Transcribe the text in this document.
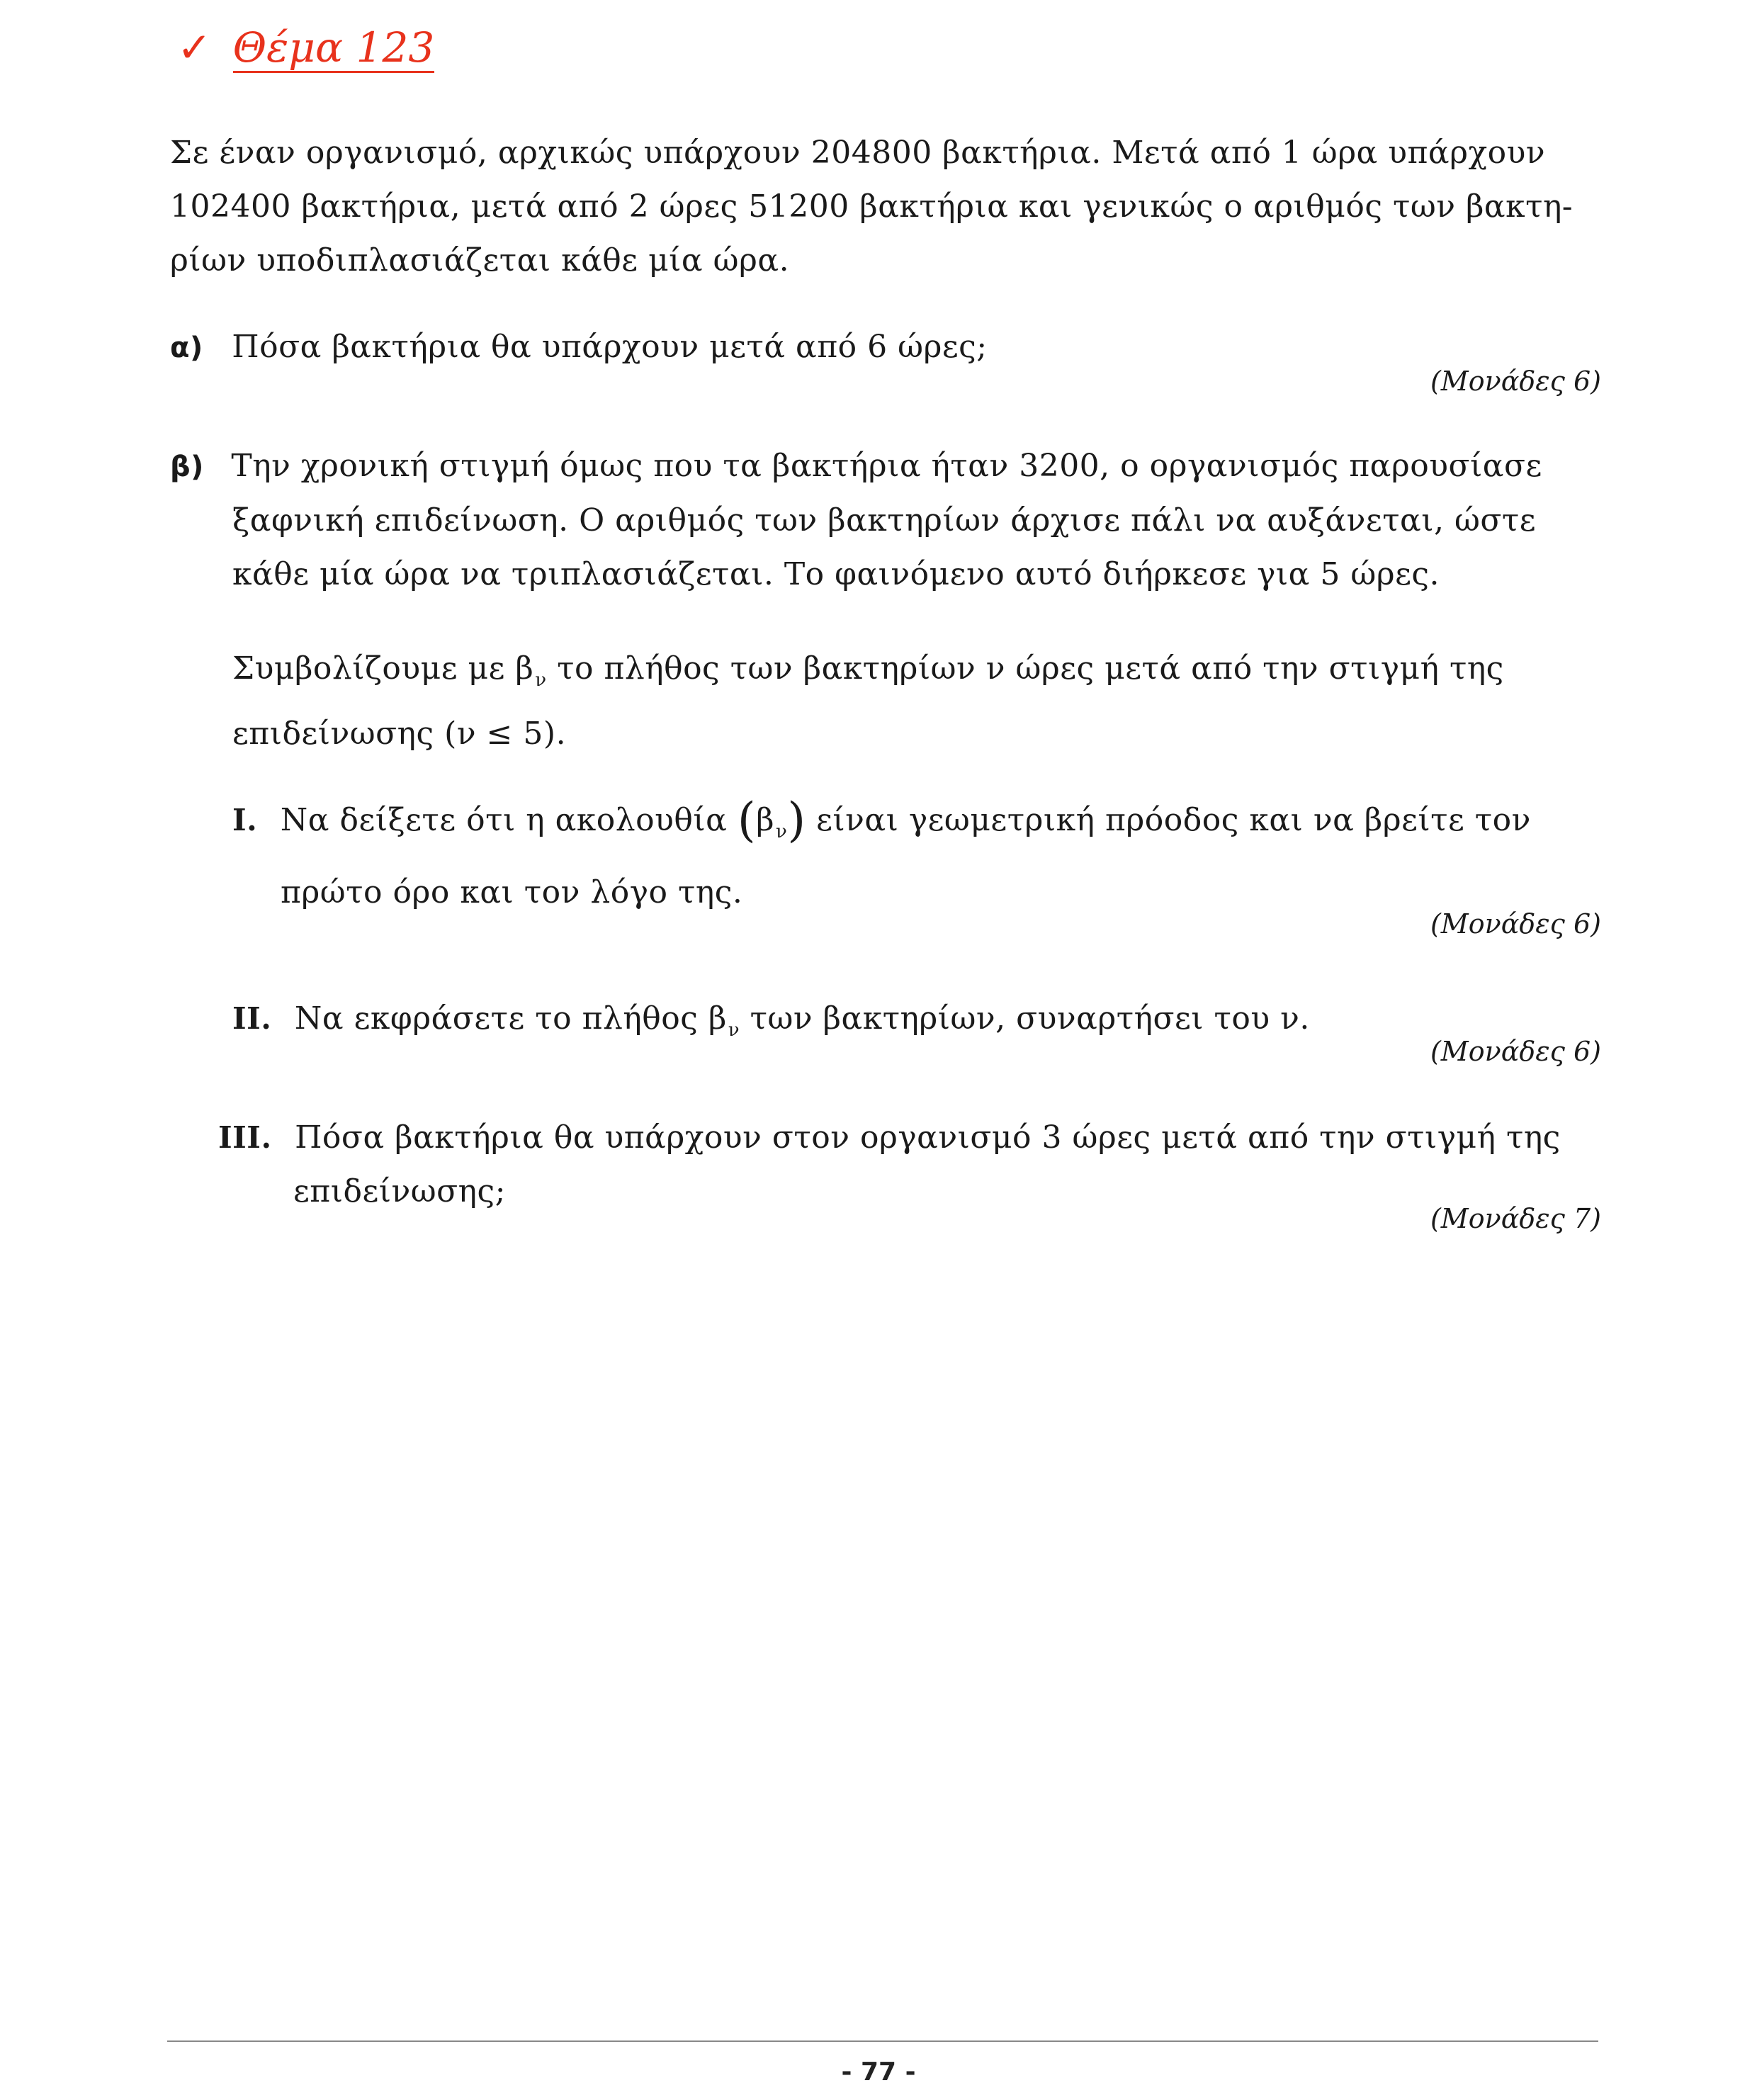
✓ Θέμα 123
Σε έναν οργανισμό, αρχικώς υπάρχουν 204800 βακτήρια. Μετά από 1 ώρα υπάρχουν
102400 βακτήρια, μετά από 2 ώρες 51200 βακτήρια και γενικώς ο αριθμός των βακτη-
ρίων υποδιπλασιάζεται κάθε μία ώρα.
α) Πόσα βακτήρια θα υπάρχουν μετά από 6 ώρες;
(Μονάδες 6)
β) Την χρονική στιγμή όμως που τα βακτήρια ήταν 3200, ο οργανισμός παρουσίασε
ξαφνική επιδείνωση. Ο αριθμός των βακτηρίων άρχισε πάλι να αυξάνεται, ώστε
κάθε μία ώρα να τριπλασιάζεται. Το φαινόμενο αυτό διήρκεσε για 5 ώρες.
Συμβολίζουμε με $\beta_\nu$ το πλήθος των βακτηρίων ν ώρες μετά από την στιγμή της
επιδείνωσης (ν ≤ 5).
I. Να δείξετε ότι η ακολουθία $(\beta_\nu)$ είναι γεωμετρική πρόοδος και να βρείτε τον
πρώτο όρο και τον λόγο της.
(Μονάδες 6)
II. Να εκφράσετε το πλήθος $\beta_\nu$ των βακτηρίων, συναρτήσει του ν.
(Μονάδες 6)
III. Πόσα βακτήρια θα υπάρχουν στον οργανισμό 3 ώρες μετά από την στιγμή της
επιδείνωσης;
(Μονάδες 7)
- 77 -
